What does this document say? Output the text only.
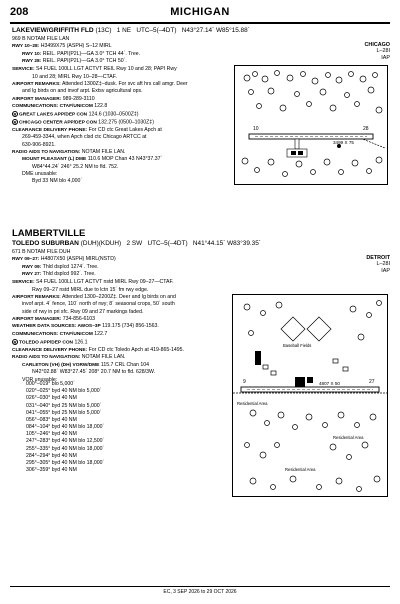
208	MICHIGAN
LAKEVIEW/GRIFFITH FLD (13C) 1 NE UTC–5(–4DT) N43°27.14´ W85°15.88´
CHICAGO
L–28I
IAP
969 B NOTAM FILE LAN
RWY 10–28: H3499X75 (ASPH) S–12 MIRL
RWY 10: REIL. PAPI(P2L)—GA 3.0° TCH 44´. Tree.
RWY 28: REIL. PAPI(P2L)—GA 3.0° TCH 50´.
SERVICE: S4 FUEL 100LL LGT ACTVT REIL Rwy 10 and 28; PAPI Rwy
10 and 28; MIRL Rwy 10–28—CTAF.
AIRPORT REMARKS: Attended 1300Z‡–dusk. For svc aft hrs call amgr. Deer
and lg birds on and invof arpt. Extsv agricultural ops.
AIRPORT MANAGER: 989-289-3110
COMMUNICATIONS: CTAF/UNICOM 122.8
R GREAT LAKES APP/DEP CON 124.6 (1030–0500Z‡)
R CHICAGO CENTER APP/DEP CON 132.275 (0500–1030Z‡)
CLEARANCE DELIVERY PHONE: For CD ctc Great Lakes Apch at
269-459-3344, when Apch clsd ctc Chicago ARTCC at
630-906-8921.
RADIO AIDS TO NAVIGATION: NOTAM FILE LAN.
MOUNT PLEASANT (L) DME 110.6 MOP Chan 43 N43°37.37´
W84°44.24´ 246° 25.2 NM to fld. 752.
DME unusable:
Byd 33 NM blo 4,000´
10	28
3499 X 75
LAMBERTVILLE
TOLEDO SUBURBAN (DUH)(KDUH) 2 SW UTC–5(–4DT) N41°44.15´ W83°39.35´
DETROIT
L–28I
IAP
671 B NOTAM FILE DUH
RWY 09–27: H4807X50 (ASPH) MIRL(NSTD)
RWY 09: Thld dsplcd 1274´. Tree.
RWY 27: Thld dsplcd 992´. Tree.
SERVICE: S4 FUEL 100LL LGT ACTVT nstd MIRL Rwy 09–27—CTAF.
Rwy 09–27 nstd MIRL due to lctn 15´ fm rwy edge.
AIRPORT REMARKS: Attended 1300–2200Z‡. Deer and lg birds on and
invof arpt. 4´ fence, 110´ north of rwy; 8´ seasonal crops, 50´ south
side of rwy in pri sfc. Rwy 09 and 27 markings faded.
AIRPORT MANAGER: 734-856-6103
WEATHER DATA SOURCES: AWOS–3P 119.175 (734) 856-1563.
COMMUNICATIONS: CTAF/UNICOM 122.7
R TOLEDO APP/DEP CON 126.1
CLEARANCE DELIVERY PHONE: For CD ctc Toledo Apch at 419-865-1495.
RADIO AIDS TO NAVIGATION: NOTAM FILE LAN.
CARLETON (VH) (DH) VORW/DME 115.7 CRL Chan 104
N42°02.88´ W83°27.45´ 208° 20.7 NM to fld. 628/3W.
VOR unusable:
000°–019° blo 5,000´
020°–025° byd 40 NM blo 5,000´
026°–030° byd 40 NM
031°–040° byd 25 NM blo 5,000´
041°–055° byd 25 NM blo 5,000´
056°–083° byd 40 NM
084°–104° byd 40 NM blo 18,000´
105°–246° byd 40 NM
247°–283° byd 40 NM blo 12,500´
255°–335° byd 40 NM blo 18,000´
284°–294° byd 40 NM
295°–305° byd 40 NM blo 18,000´
306°–359° byd 40 NM
9	27
4807 X 50
Baseball Fields
Residential Area
Residential Area
Residential Area
EC, 3 SEP 2026 to 29 OCT 2026
